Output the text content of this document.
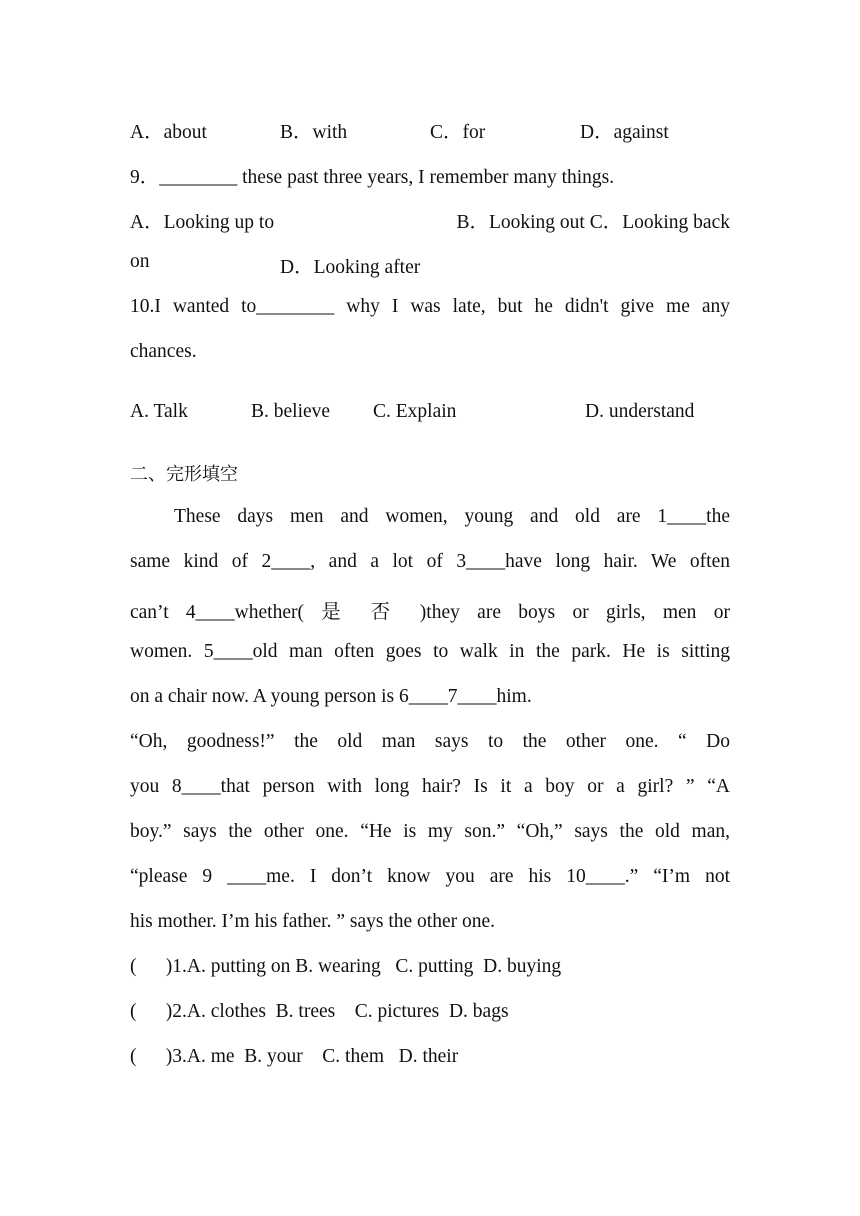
A．about	B．with	C．for	D．against
9．________ these past three years, I remember many things.
A．Looking up to	B．Looking out C．Looking back
on	D．Looking after
10.I wanted to________ why I was late, but he didn't give me any
chances.
A. Talk	B. believe C. Explain	D. understand
二、完形填空
These days men and women, young and old are 1____the
same kind of 2____, and a lot of 3____have long hair. We often
can’t 4____whether( 是 否 )they are boys or girls, men or
women. 5____old man often goes to walk in the park. He is sitting
on a chair now. A young person is 6____7____him.
“Oh, goodness!” the old man says to the other one. “ Do
you 8____that person with long hair? Is it a boy or a girl? ” “A
boy.” says the other one. “He is my son.” “Oh,” says the old man,
“please 9 ____me. I don’t know you are his 10____.” “I’m not
his mother. I’m his father. ” says the other one.
(      )1.A. putting on B. wearing   C. putting  D. buying
(      )2.A. clothes  B. trees    C. pictures  D. bags
(      )3.A. me  B. your    C. them   D. their
